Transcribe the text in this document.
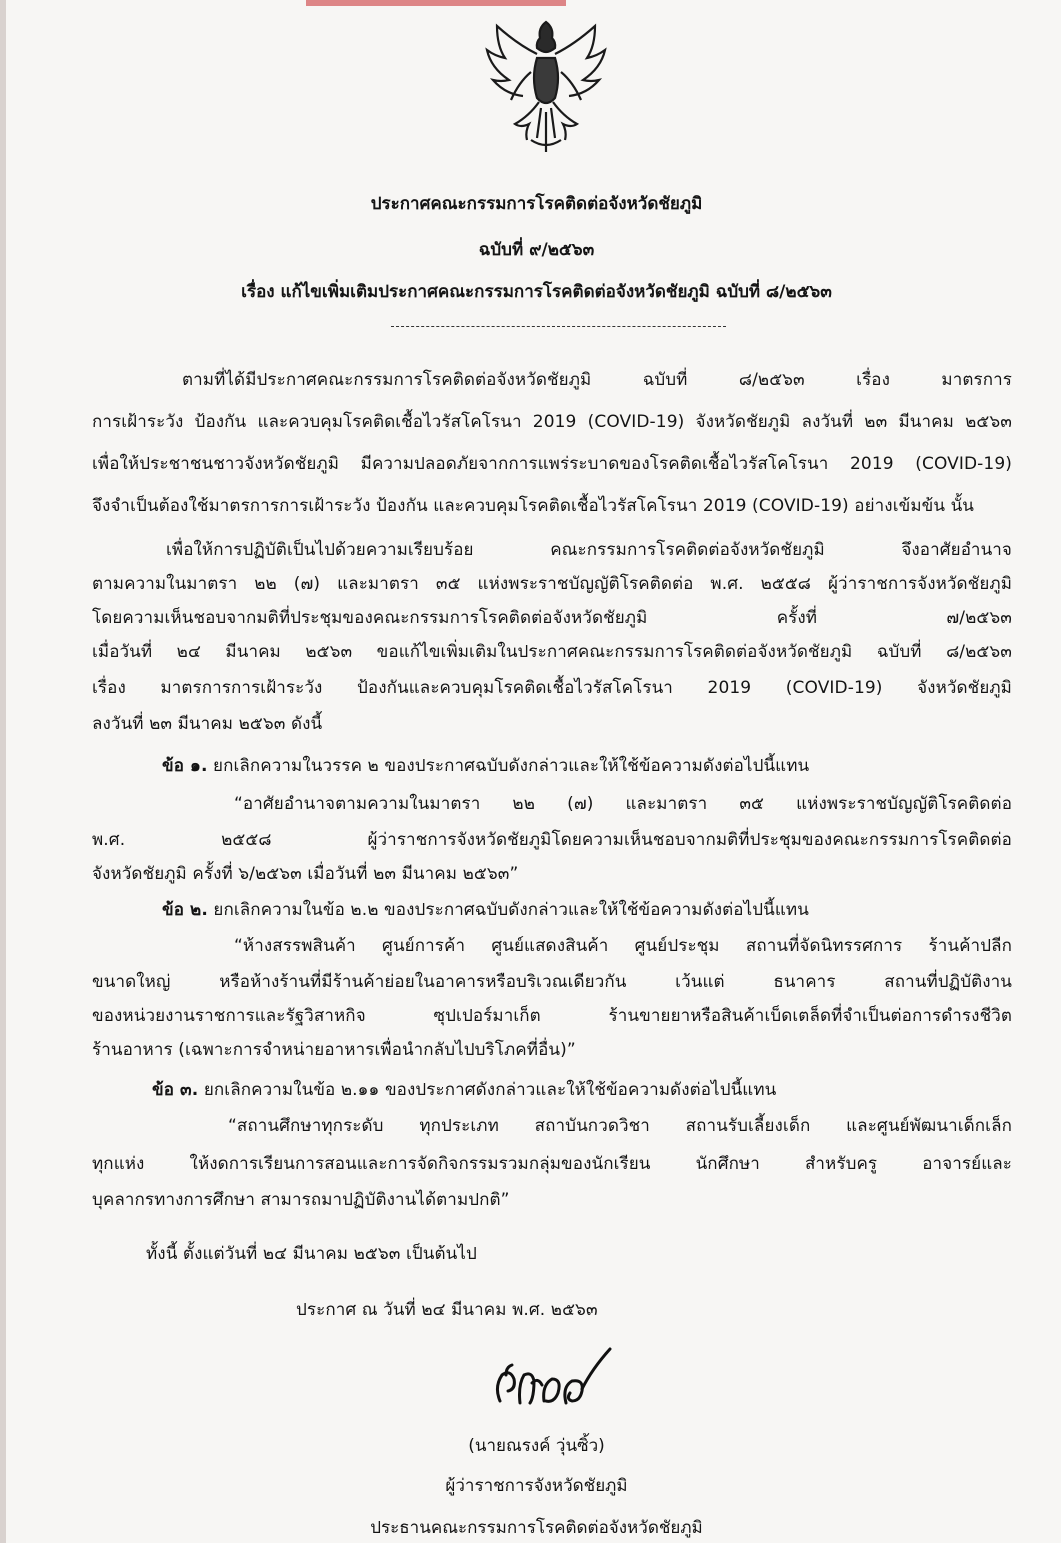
ประกาศคณะกรรมการโรคติดต่อจังหวัดชัยภูมิ
ฉบับที่ ๙/๒๕๖๓
เรื่อง แก้ไขเพิ่มเติมประกาศคณะกรรมการโรคติดต่อจังหวัดชัยภูมิ ฉบับที่ ๘/๒๕๖๓
ตามที่ได้มีประกาศคณะกรรมการโรคติดต่อจังหวัดชัยภูมิ ฉบับที่ ๘/๒๕๖๓ เรื่อง มาตรการ
การเฝ้าระวัง ป้องกัน และควบคุมโรคติดเชื้อไวรัสโคโรนา 2019 (COVID-19) จังหวัดชัยภูมิ ลงวันที่ ๒๓ มีนาคม ๒๕๖๓
เพื่อให้ประชาชนชาวจังหวัดชัยภูมิ มีความปลอดภัยจากการแพร่ระบาดของโรคติดเชื้อไวรัสโคโรนา 2019 (COVID-19)
จึงจำเป็นต้องใช้มาตรการการเฝ้าระวัง ป้องกัน และควบคุมโรคติดเชื้อไวรัสโคโรนา 2019 (COVID-19) อย่างเข้มข้น นั้น
เพื่อให้การปฏิบัติเป็นไปด้วยความเรียบร้อย คณะกรรมการโรคติดต่อจังหวัดชัยภูมิ จึงอาศัยอำนาจ
ตามความในมาตรา ๒๒ (๗) และมาตรา ๓๕ แห่งพระราชบัญญัติโรคติดต่อ พ.ศ. ๒๕๕๘ ผู้ว่าราชการจังหวัดชัยภูมิ
โดยความเห็นชอบจากมติที่ประชุมของคณะกรรมการโรคติดต่อจังหวัดชัยภูมิ ครั้งที่ ๗/๒๕๖๓
เมื่อวันที่ ๒๔ มีนาคม ๒๕๖๓ ขอแก้ไขเพิ่มเติมในประกาศคณะกรรมการโรคติดต่อจังหวัดชัยภูมิ ฉบับที่ ๘/๒๕๖๓
เรื่อง มาตรการการเฝ้าระวัง ป้องกันและควบคุมโรคติดเชื้อไวรัสโคโรนา 2019 (COVID-19) จังหวัดชัยภูมิ
ลงวันที่ ๒๓ มีนาคม ๒๕๖๓ ดังนี้
ข้อ ๑. ยกเลิกความในวรรค ๒ ของประกาศฉบับดังกล่าวและให้ใช้ข้อความดังต่อไปนี้แทน
“อาศัยอำนาจตามความในมาตรา ๒๒ (๗) และมาตรา ๓๕ แห่งพระราชบัญญัติโรคติดต่อ
พ.ศ. ๒๕๕๘ ผู้ว่าราชการจังหวัดชัยภูมิโดยความเห็นชอบจากมติที่ประชุมของคณะกรรมการโรคติดต่อ
จังหวัดชัยภูมิ ครั้งที่ ๖/๒๕๖๓ เมื่อวันที่ ๒๓ มีนาคม ๒๕๖๓”
ข้อ ๒. ยกเลิกความในข้อ ๒.๒ ของประกาศฉบับดังกล่าวและให้ใช้ข้อความดังต่อไปนี้แทน
“ห้างสรรพสินค้า ศูนย์การค้า ศูนย์แสดงสินค้า ศูนย์ประชุม สถานที่จัดนิทรรศการ ร้านค้าปลีก
ขนาดใหญ่ หรือห้างร้านที่มีร้านค้าย่อยในอาคารหรือบริเวณเดียวกัน เว้นแต่ ธนาคาร สถานที่ปฏิบัติงาน
ของหน่วยงานราชการและรัฐวิสาหกิจ ซุปเปอร์มาเก็ต ร้านขายยาหรือสินค้าเบ็ดเตล็ดที่จำเป็นต่อการดำรงชีวิต
ร้านอาหาร (เฉพาะการจำหน่ายอาหารเพื่อนำกลับไปบริโภคที่อื่น)”
ข้อ ๓. ยกเลิกความในข้อ ๒.๑๑ ของประกาศดังกล่าวและให้ใช้ข้อความดังต่อไปนี้แทน
“สถานศึกษาทุกระดับ ทุกประเภท สถาบันกวดวิชา สถานรับเลี้ยงเด็ก และศูนย์พัฒนาเด็กเล็ก
ทุกแห่ง ให้งดการเรียนการสอนและการจัดกิจกรรมรวมกลุ่มของนักเรียน นักศึกษา สำหรับครู อาจารย์และ
บุคลากรทางการศึกษา สามารถมาปฏิบัติงานได้ตามปกติ”
ทั้งนี้ ตั้งแต่วันที่ ๒๔ มีนาคม ๒๕๖๓ เป็นต้นไป
ประกาศ ณ วันที่ ๒๔ มีนาคม พ.ศ. ๒๕๖๓
(นายณรงค์ วุ่นซิ้ว)
ผู้ว่าราชการจังหวัดชัยภูมิ
ประธานคณะกรรมการโรคติดต่อจังหวัดชัยภูมิ
